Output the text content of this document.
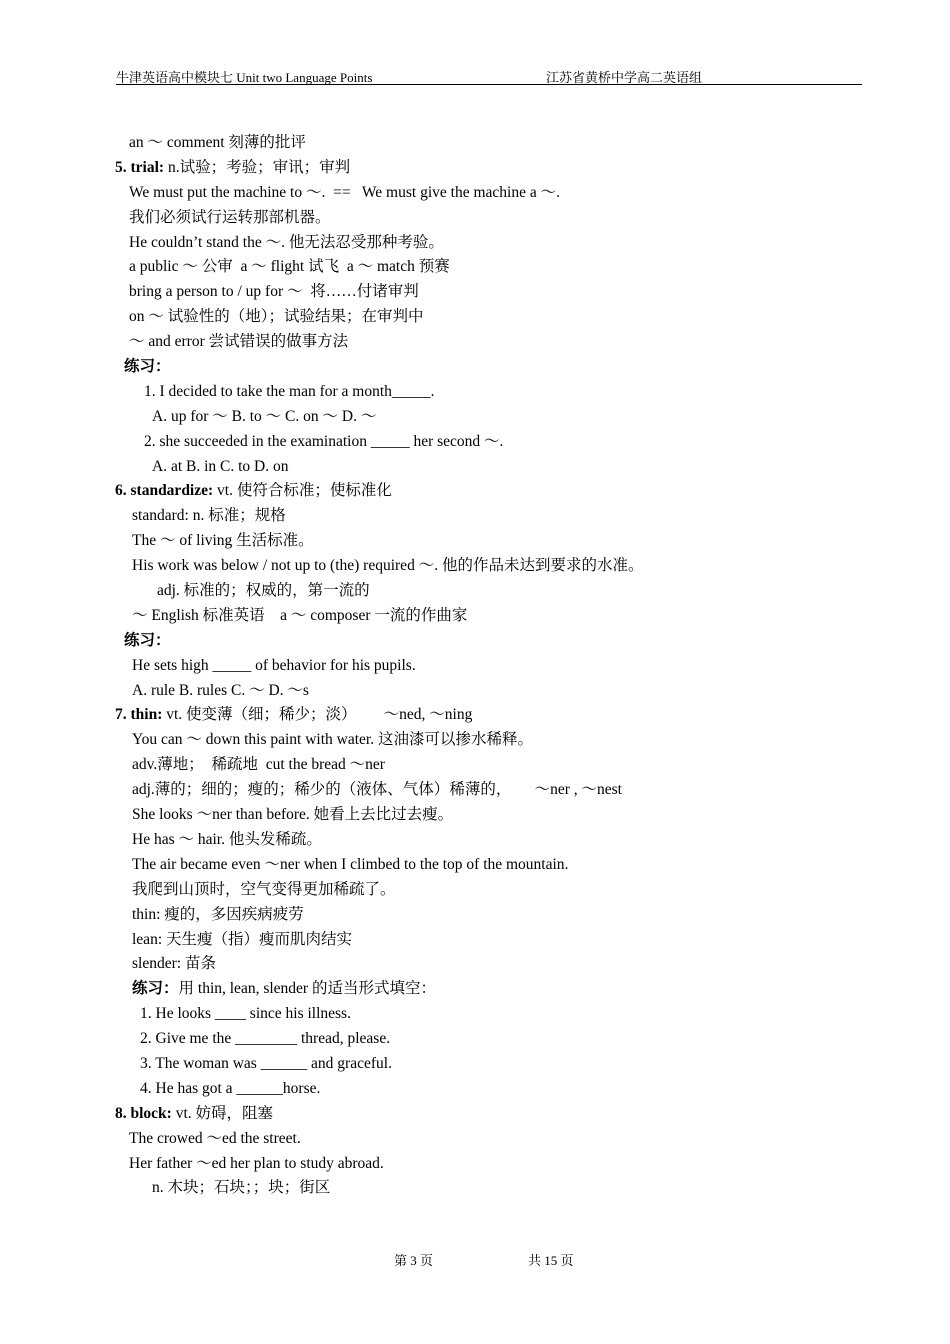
牛津英语高中模块七 Unit two Language Points	江苏省黄桥中学高二英语组
an ～ comment 刻薄的批评
5. trial: n.试验；考验；审讯；审判
We must put the machine to ～.  ==   We must give the machine a ～.
我们必须试行运转那部机器。
He couldn’t stand the ～. 他无法忍受那种考验。
a public ～ 公审  a ～ flight 试飞  a ～ match 预赛
bring a person to / up for ～  将……付诸审判
on ～ 试验性的（地）；试验结果；在审判中
～ and error 尝试错误的做事方法
练习：
1. I decided to take the man for a month_____.
A. up for ～ B. to ～ C. on ～ D. ～
2. she succeeded in the examination _____ her second ～.
A. at B. in C. to D. on
6. standardize: vt. 使符合标准；使标准化
standard: n. 标准；规格
The ～ of living 生活标准。
His work was below / not up to (the) required ～. 他的作品未达到要求的水准。
adj. 标准的；权威的，第一流的
～ English 标准英语    a ～ composer 一流的作曲家
练习：
He sets high _____ of behavior for his pupils.
A. rule B. rules C. ～ D. ～s
7. thin: vt. 使变薄（细；稀少；淡）       ～ned, ～ning
You can ～ down this paint with water. 这油漆可以掺水稀释。
adv.薄地；  稀疏地  cut the bread ～ner
adj.薄的；细的；瘦的；稀少的（液体、气体）稀薄的，      ～ner , ～nest
She looks ～ner than before. 她看上去比过去瘦。
He has ～ hair. 他头发稀疏。
The air became even ～ner when I climbed to the top of the mountain.
我爬到山顶时，空气变得更加稀疏了。
thin: 瘦的，多因疾病疲劳
lean: 天生瘦（指）瘦而肌肉结实
slender: 苗条
练习：用 thin, lean, slender 的适当形式填空：
1. He looks ____ since his illness.
2. Give me the ________ thread, please.
3. The woman was ______ and graceful.
4. He has got a ______horse.
8. block: vt. 妨碍，阻塞
The crowed ～ed the street.
Her father ～ed her plan to study abroad.
n. 木块；石块；；块；街区
第 3 页	共 15 页
